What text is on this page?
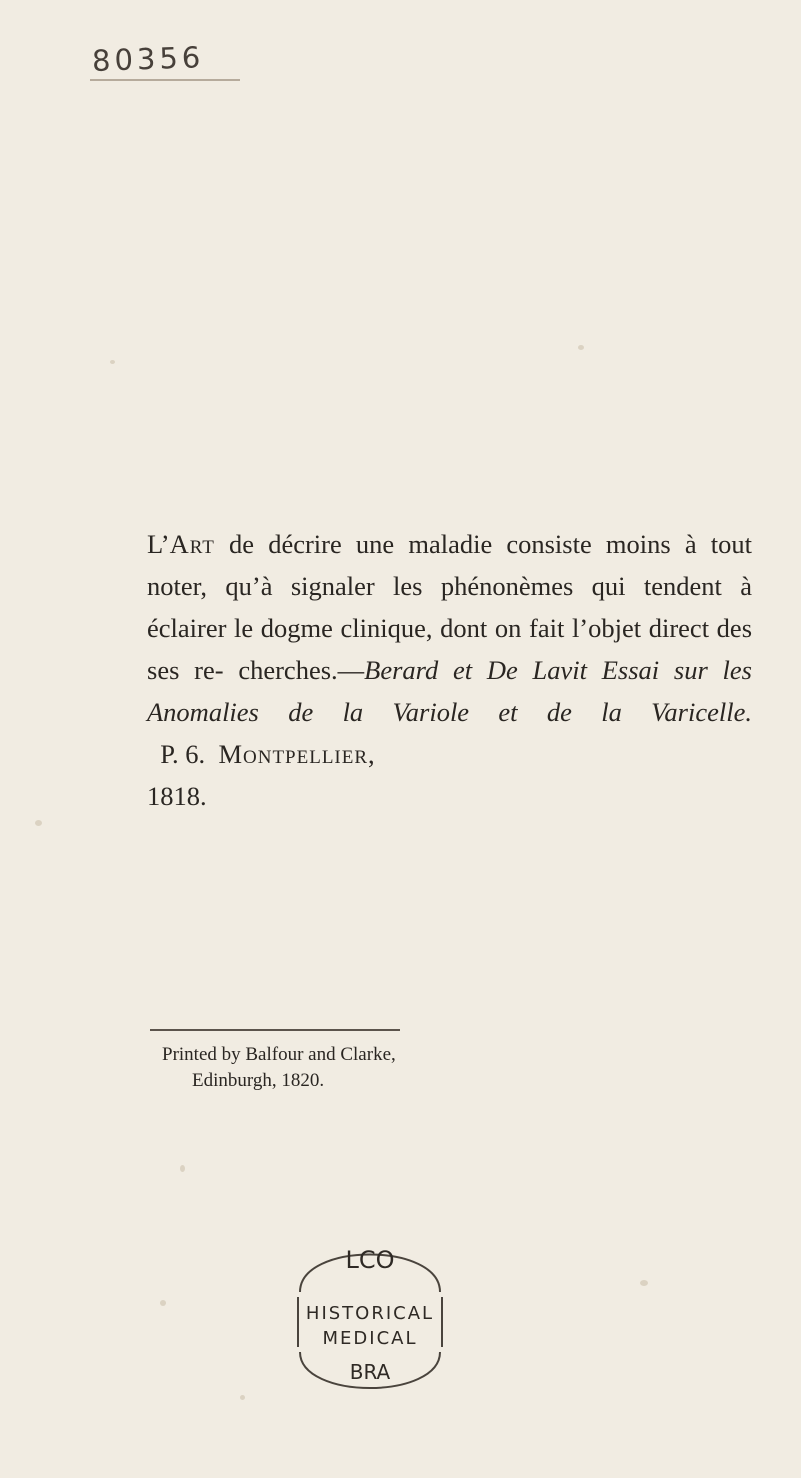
80356

L’Art de décrire une maladie consiste moins à tout noter, qu’à signaler les phénonèmes qui tendent à éclairer le dogme clinique, dont on fait l’objet direct des ses re- cherches.—Berard et De Lavit Essai sur les Anomalies de la Variole et de la Varicelle.  P. 6.  Montpellier,
1818.

Printed by Balfour and Clarke,
Edinburgh, 1820.

LCO
HISTORICAL
MEDICAL
BRA
